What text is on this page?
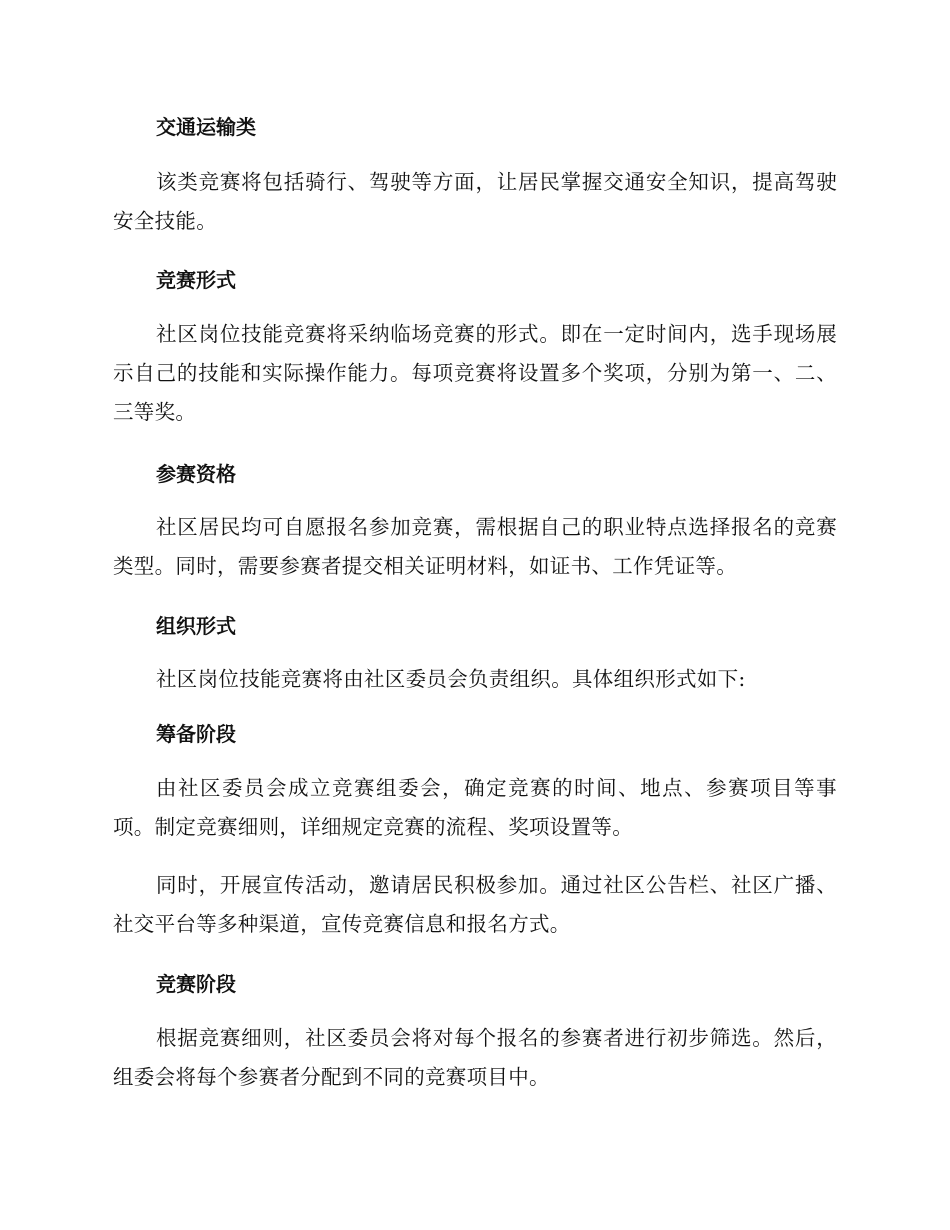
交通运输类
该类竞赛将包括骑行、驾驶等方面，让居民掌握交通安全知识，提高驾驶安全技能。
竞赛形式
社区岗位技能竞赛将采纳临场竞赛的形式。即在一定时间内，选手现场展示自己的技能和实际操作能力。每项竞赛将设置多个奖项，分别为第一、二、三等奖。
参赛资格
社区居民均可自愿报名参加竞赛，需根据自己的职业特点选择报名的竞赛类型。同时，需要参赛者提交相关证明材料，如证书、工作凭证等。
组织形式
社区岗位技能竞赛将由社区委员会负责组织。具体组织形式如下:
筹备阶段
由社区委员会成立竞赛组委会，确定竞赛的时间、地点、参赛项目等事项。制定竞赛细则，详细规定竞赛的流程、奖项设置等。
同时，开展宣传活动，邀请居民积极参加。通过社区公告栏、社区广播、社交平台等多种渠道，宣传竞赛信息和报名方式。
竞赛阶段
根据竞赛细则，社区委员会将对每个报名的参赛者进行初步筛选。然后，组委会将每个参赛者分配到不同的竞赛项目中。
